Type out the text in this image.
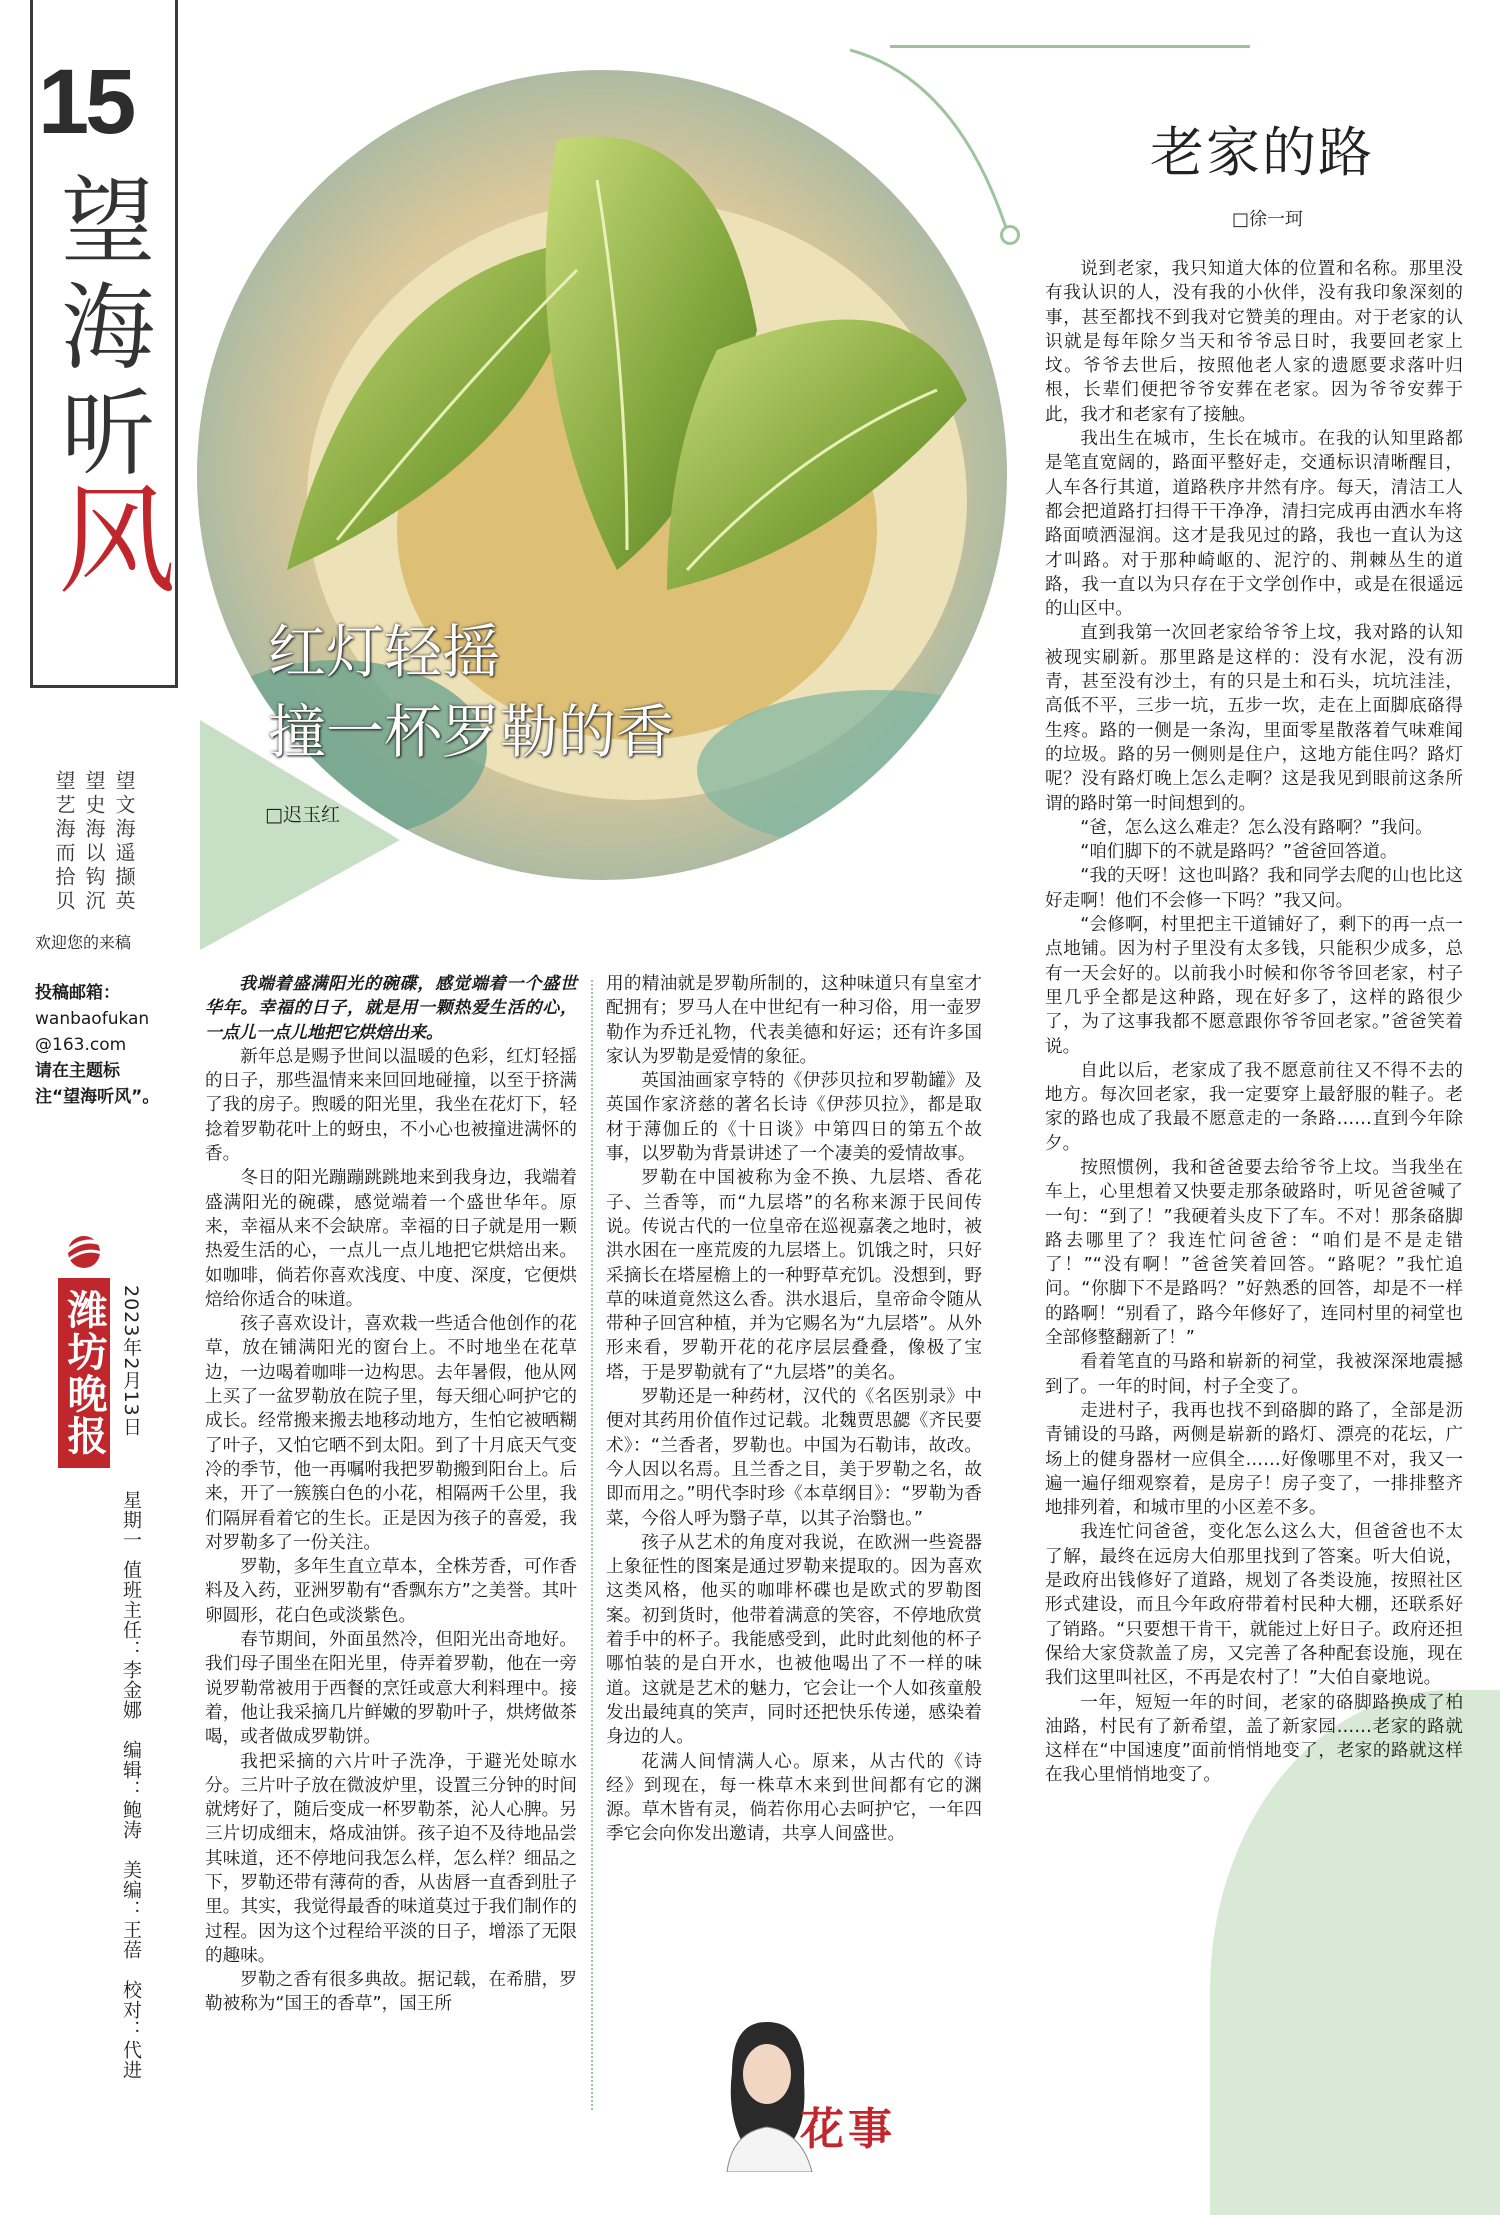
15
望
海
听
风
望文海遥撷英
望史海以钩沉
望艺海而拾贝
欢迎您的来稿
投稿邮箱：
wanbaofukan
@163.com
请在主题标注“望海听风”。
潍坊晚报 2023年2月13日
星期一
值班主任：李金娜　编辑：鲍涛　美编：王蓓　校对：代进
红灯轻摇
撞一杯罗勒的香
□迟玉红
老家的路
□徐一珂

我端着盛满阳光的碗碟，感觉端着一个盛世华年。幸福的日子，就是用一颗热爱生活的心，一点儿一点儿地把它烘焙出来。

新年总是赐予世间以温暖的色彩，红灯轻摇的日子，那些温情来来回回地碰撞，以至于挤满了我的房子。煦暖的阳光里，我坐在花灯下，轻捻着罗勒花叶上的蚜虫，不小心也被撞进满怀的香。

冬日的阳光蹦蹦跳跳地来到我身边，我端着盛满阳光的碗碟，感觉端着一个盛世华年。原来，幸福从来不会缺席。幸福的日子就是用一颗热爱生活的心，一点儿一点儿地把它烘焙出来。如咖啡，倘若你喜欢浅度、中度、深度，它便烘焙给你适合的味道。

孩子喜欢设计，喜欢栽一些适合他创作的花草，放在铺满阳光的窗台上。不时地坐在花草边，一边喝着咖啡一边构思。去年暑假，他从网上买了一盆罗勒放在院子里，每天细心呵护它的成长。经常搬来搬去地移动地方，生怕它被晒糊了叶子，又怕它晒不到太阳。到了十月底天气变冷的季节，他一再嘱咐我把罗勒搬到阳台上。后来，开了一簇簇白色的小花，相隔两千公里，我们隔屏看着它的生长。正是因为孩子的喜爱，我对罗勒多了一份关注。

罗勒，多年生直立草本，全株芳香，可作香料及入药，亚洲罗勒有“香飘东方”之美誉。其叶卵圆形，花白色或淡紫色。

春节期间，外面虽然冷，但阳光出奇地好。我们母子围坐在阳光里，侍弄着罗勒，他在一旁说罗勒常被用于西餐的烹饪或意大利料理中。接着，他让我采摘几片鲜嫩的罗勒叶子，烘烤做茶喝，或者做成罗勒饼。

我把采摘的六片叶子洗净，于避光处晾水分。三片叶子放在微波炉里，设置三分钟的时间就烤好了，随后变成一杯罗勒茶，沁人心脾。另三片切成细末，烙成油饼。孩子迫不及待地品尝其味道，还不停地问我怎么样，怎么样？细品之下，罗勒还带有薄荷的香，从齿唇一直香到肚子里。其实，我觉得最香的味道莫过于我们制作的过程。因为这个过程给平淡的日子，增添了无限的趣味。

罗勒之香有很多典故。据记载，在希腊，罗勒被称为“国王的香草”，国王所

用的精油就是罗勒所制的，这种味道只有皇室才配拥有；罗马人在中世纪有一种习俗，用一壶罗勒作为乔迁礼物，代表美德和好运；还有许多国家认为罗勒是爱情的象征。

英国油画家亨特的《伊莎贝拉和罗勒罐》及英国作家济慈的著名长诗《伊莎贝拉》，都是取材于薄伽丘的《十日谈》中第四日的第五个故事，以罗勒为背景讲述了一个凄美的爱情故事。

罗勒在中国被称为金不换、九层塔、香花子、兰香等，而“九层塔”的名称来源于民间传说。传说古代的一位皇帝在巡视嘉袭之地时，被洪水困在一座荒废的九层塔上。饥饿之时，只好采摘长在塔屋檐上的一种野草充饥。没想到，野草的味道竟然这么香。洪水退后，皇帝命令随从带种子回宫种植，并为它赐名为“九层塔”。从外形来看，罗勒开花的花序层层叠叠，像极了宝塔，于是罗勒就有了“九层塔”的美名。

罗勒还是一种药材，汉代的《名医别录》中便对其药用价值作过记载。北魏贾思勰《齐民要术》：“兰香者，罗勒也。中国为石勒讳，故改。今人因以名焉。且兰香之目，美于罗勒之名，故即而用之。”明代李时珍《本草纲目》：“罗勒为香菜，今俗人呼为翳子草，以其子治翳也。”

孩子从艺术的角度对我说，在欧洲一些瓷器上象征性的图案是通过罗勒来提取的。因为喜欢这类风格，他买的咖啡杯碟也是欧式的罗勒图案。初到货时，他带着满意的笑容，不停地欣赏着手中的杯子。我能感受到，此时此刻他的杯子哪怕装的是白开水，也被他喝出了不一样的味道。这就是艺术的魅力，它会让一个人如孩童般发出最纯真的笑声，同时还把快乐传递，感染着身边的人。

花满人间情满人心。原来，从古代的《诗经》到现在，每一株草木来到世间都有它的渊源。草木皆有灵，倘若你用心去呵护它，一年四季它会向你发出邀请，共享人间盛世。

花事

说到老家，我只知道大体的位置和名称。那里没有我认识的人，没有我的小伙伴，没有我印象深刻的事，甚至都找不到我对它赞美的理由。对于老家的认识就是每年除夕当天和爷爷忌日时，我要回老家上坟。爷爷去世后，按照他老人家的遗愿要求落叶归根，长辈们便把爷爷安葬在老家。因为爷爷安葬于此，我才和老家有了接触。

我出生在城市，生长在城市。在我的认知里路都是笔直宽阔的，路面平整好走，交通标识清晰醒目，人车各行其道，道路秩序井然有序。每天，清洁工人都会把道路打扫得干干净净，清扫完成再由洒水车将路面喷洒湿润。这才是我见过的路，我也一直认为这才叫路。对于那种崎岖的、泥泞的、荆棘丛生的道路，我一直以为只存在于文学创作中，或是在很遥远的山区中。

直到我第一次回老家给爷爷上坟，我对路的认知被现实刷新。那里路是这样的：没有水泥，没有沥青，甚至没有沙土，有的只是土和石头，坑坑洼洼，高低不平，三步一坑，五步一坎，走在上面脚底硌得生疼。路的一侧是一条沟，里面零星散落着气味难闻的垃圾。路的另一侧则是住户，这地方能住吗？路灯呢？没有路灯晚上怎么走啊？这是我见到眼前这条所谓的路时第一时间想到的。

“爸，怎么这么难走？怎么没有路啊？”我问。

“咱们脚下的不就是路吗？”爸爸回答道。

“我的天呀！这也叫路？我和同学去爬的山也比这好走啊！他们不会修一下吗？”我又问。

“会修啊，村里把主干道铺好了，剩下的再一点一点地铺。因为村子里没有太多钱，只能积少成多，总有一天会好的。以前我小时候和你爷爷回老家，村子里几乎全都是这种路，现在好多了，这样的路很少了，为了这事我都不愿意跟你爷爷回老家。”爸爸笑着说。

自此以后，老家成了我不愿意前往又不得不去的地方。每次回老家，我一定要穿上最舒服的鞋子。老家的路也成了我最不愿意走的一条路……直到今年除夕。

按照惯例，我和爸爸要去给爷爷上坟。当我坐在车上，心里想着又快要走那条破路时，听见爸爸喊了一句：“到了！”我硬着头皮下了车。不对！那条硌脚路去哪里了？我连忙问爸爸：“咱们是不是走错了！”“没有啊！”爸爸笑着回答。“路呢？”我忙追问。“你脚下不是路吗？”好熟悉的回答，却是不一样的路啊！“别看了，路今年修好了，连同村里的祠堂也全部修整翻新了！”

看着笔直的马路和崭新的祠堂，我被深深地震撼到了。一年的时间，村子全变了。

走进村子，我再也找不到硌脚的路了，全部是沥青铺设的马路，两侧是崭新的路灯、漂亮的花坛，广场上的健身器材一应俱全……好像哪里不对，我又一遍一遍仔细观察着，是房子！房子变了，一排排整齐地排列着，和城市里的小区差不多。

我连忙问爸爸，变化怎么这么大，但爸爸也不太了解，最终在远房大伯那里找到了答案。听大伯说，是政府出钱修好了道路，规划了各类设施，按照社区形式建设，而且今年政府带着村民种大棚，还联系好了销路。“只要想干肯干，就能过上好日子。政府还担保给大家贷款盖了房，又完善了各种配套设施，现在我们这里叫社区，不再是农村了！”大伯自豪地说。

一年，短短一年的时间，老家的硌脚路换成了柏油路，村民有了新希望，盖了新家园……老家的路就这样在“中国速度”面前悄悄地变了，老家的路就这样在我心里悄悄地变了。
